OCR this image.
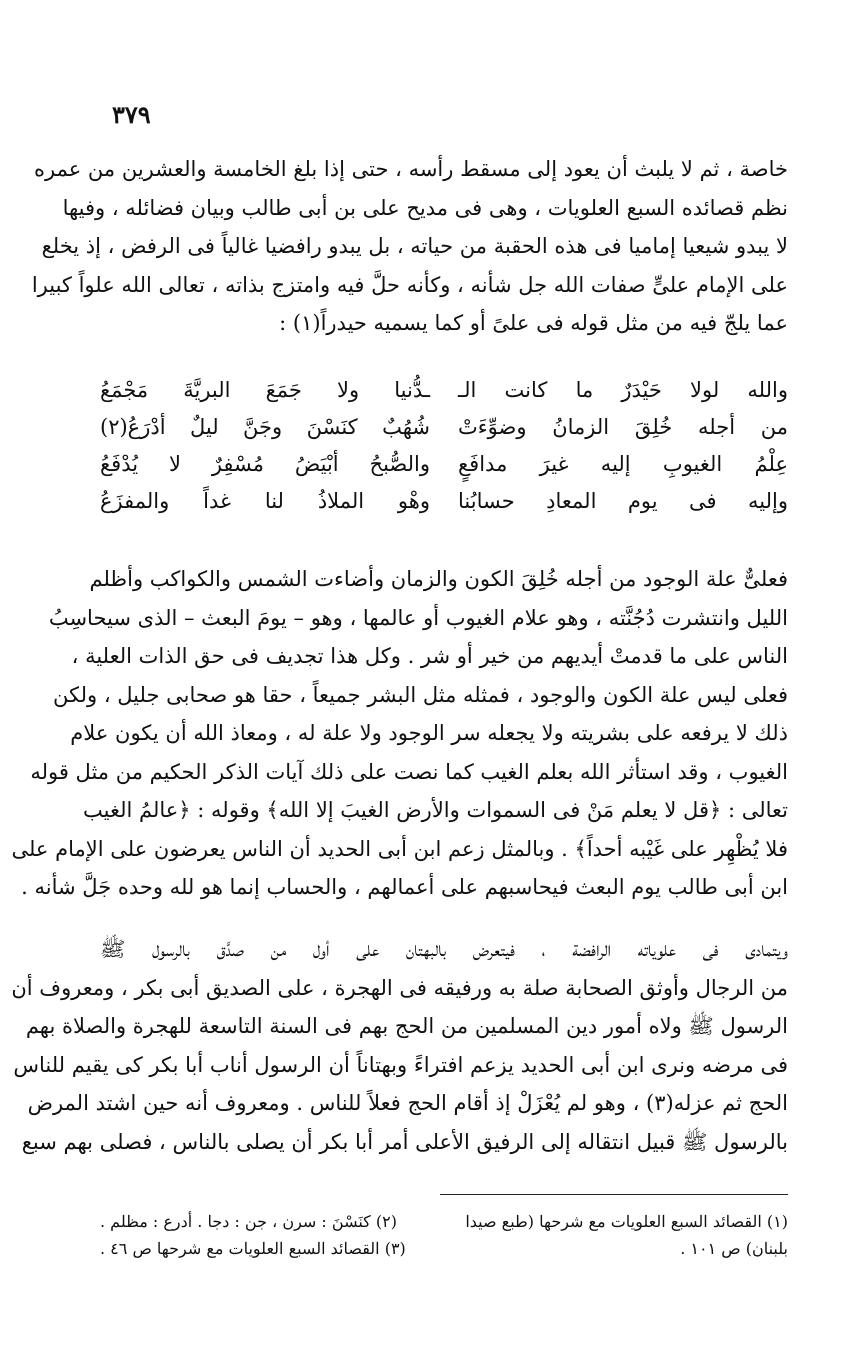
٣٧٩
خاصة ، ثم لا يلبث أن يعود إلى مسقط رأسه ، حتى إذا بلغ الخامسة والعشرين من عمره
نظم قصائده السبع العلويات ، وهى فى مديح على بن أبى طالب وبيان فضائله ، وفيها
لا يبدو شيعيا إماميا فى هذه الحقبة من حياته ، بل يبدو رافضيا غالياً فى الرفض ، إذ يخلع
على الإمام علىٍّ صفات الله جل شأنه ، وكأنه حلَّ فيه وامتزج بذاته ، تعالى الله علواً كبيرا
عما يلجّ فيه من مثل قوله فى علىً أو كما يسميه حيدراً(١) :
والله لولا حَيْدَرٌ ما كانت الـ
ـدُّنيا ولا جَمَعَ البريَّةَ مَجْمَعُ
من أجله خُلِقَ الزمانُ وضوِّءَتْ
شُهُبٌ كنَسْنَ وجَنَّ ليلٌ أدْرَعُ(٢)
عِلْمُ الغيوبِ إليه غيرَ مدافَعٍ
والصُّبحُ أبْيَضُ مُسْفِرٌ لا يُدْفَعُ
وإليه فى يوم المعادِ حسابُنا
وهْو الملاذُ لنا غداً والمفزَعُ
فعلىٌّ علة الوجود من أجله خُلِقَ الكون والزمان وأضاءت الشمس والكواكب وأظلم
الليل وانتشرت دُجُنَّته ، وهو علام الغيوب أو عالمها ، وهو – يومَ البعث – الذى سيحاسِبُ
الناس على ما قدمتْ أيديهم من خير أو شر . وكل هذا تجديف فى حق الذات العلية ،
فعلى ليس علة الكون والوجود ، فمثله مثل البشر جميعاً ، حقا هو صحابى جليل ، ولكن
ذلك لا يرفعه على بشريته ولا يجعله سر الوجود ولا علة له ، ومعاذ الله أن يكون علام
الغيوب ، وقد استأثر الله بعلم الغيب كما نصت على ذلك آيات الذكر الحكيم من مثل قوله
تعالى : ﴿قل لا يعلم مَنْ فى السموات والأرض الغيبَ إلا الله﴾ وقوله : ﴿عالمُ الغيب
فلا يُظْهِر على غَيْبه أحداً﴾ . وبالمثل زعم ابن أبى الحديد أن الناس يعرضون على الإمام على
ابن أبى طالب يوم البعث فيحاسبهم على أعمالهم ، والحساب إنما هو لله وحده جَلَّ شأنه .
ويتمادى فى علوياته الرافضة ، فيتعرض بالبهتان على أول من صدَّق بالرسول ﷺ
من الرجال وأوثق الصحابة صلة به ورفيقه فى الهجرة ، على الصديق أبى بكر ، ومعروف أن
الرسول ﷺ ولاه أمور دين المسلمين من الحج بهم فى السنة التاسعة للهجرة والصلاة بهم
فى مرضه ونرى ابن أبى الحديد يزعم افتراءً وبهتاناً أن الرسول أناب أبا بكر كى يقيم للناس
الحج ثم عزله(٣) ، وهو لم يُعْزَلْ إذ أقام الحج فعلاً للناس . ومعروف أنه حين اشتد المرض
بالرسول ﷺ قبيل انتقاله إلى الرفيق الأعلى أمر أبا بكر أن يصلى بالناس ، فصلى بهم سبع
(١) القصائد السبع العلويات مع شرحها (طبع صيدا
(٢) كنَسْنَ : سرن ، جن : دجا . أدرع : مظلم .
بلبنان) ص ١٠١ .
(٣) القصائد السبع العلويات مع شرحها ص ٤٦ .
